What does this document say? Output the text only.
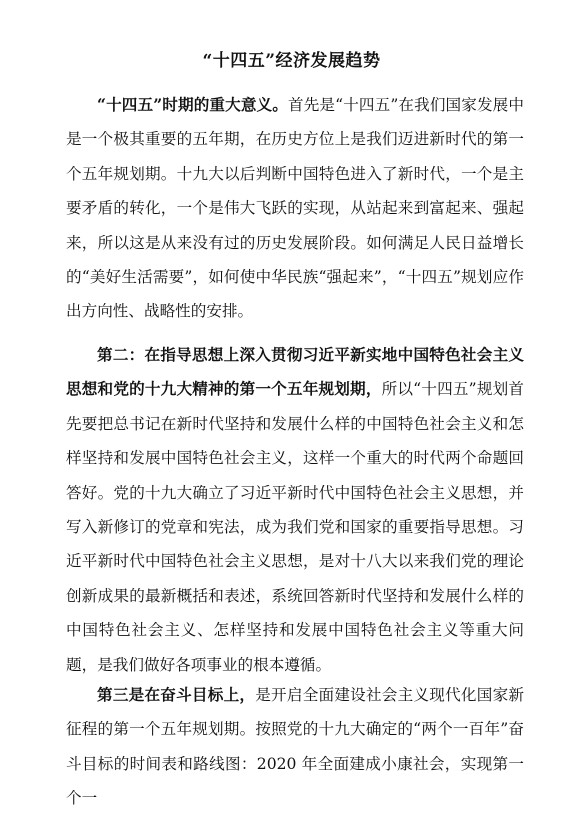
“十四五”经济发展趋势

“十四五”时期的重大意义。首先是“十四五”在我们国家发展中是一个极其重要的五年期，在历史方位上是我们迈进新时代的第一个五年规划期。十九大以后判断中国特色进入了新时代，一个是主要矛盾的转化，一个是伟大飞跃的实现，从站起来到富起来、强起来，所以这是从来没有过的历史发展阶段。如何满足人民日益增长的“美好生活需要”，如何使中华民族“强起来”，“十四五”规划应作出方向性、战略性的安排。

第二：在指导思想上深入贯彻习近平新实地中国特色社会主义思想和党的十九大精神的第一个五年规划期，所以“十四五”规划首先要把总书记在新时代坚持和发展什么样的中国特色社会主义和怎样坚持和发展中国特色社会主义，这样一个重大的时代两个命题回答好。党的十九大确立了习近平新时代中国特色社会主义思想，并写入新修订的党章和宪法，成为我们党和国家的重要指导思想。习近平新时代中国特色社会主义思想，是对十八大以来我们党的理论创新成果的最新概括和表述，系统回答新时代坚持和发展什么样的中国特色社会主义、怎样坚持和发展中国特色社会主义等重大问题，是我们做好各项事业的根本遵循。

第三是在奋斗目标上，是开启全面建设社会主义现代化国家新征程的第一个五年规划期。按照党的十九大确定的“两个一百年”奋斗目标的时间表和路线图：2020 年全面建成小康社会，实现第一个一
